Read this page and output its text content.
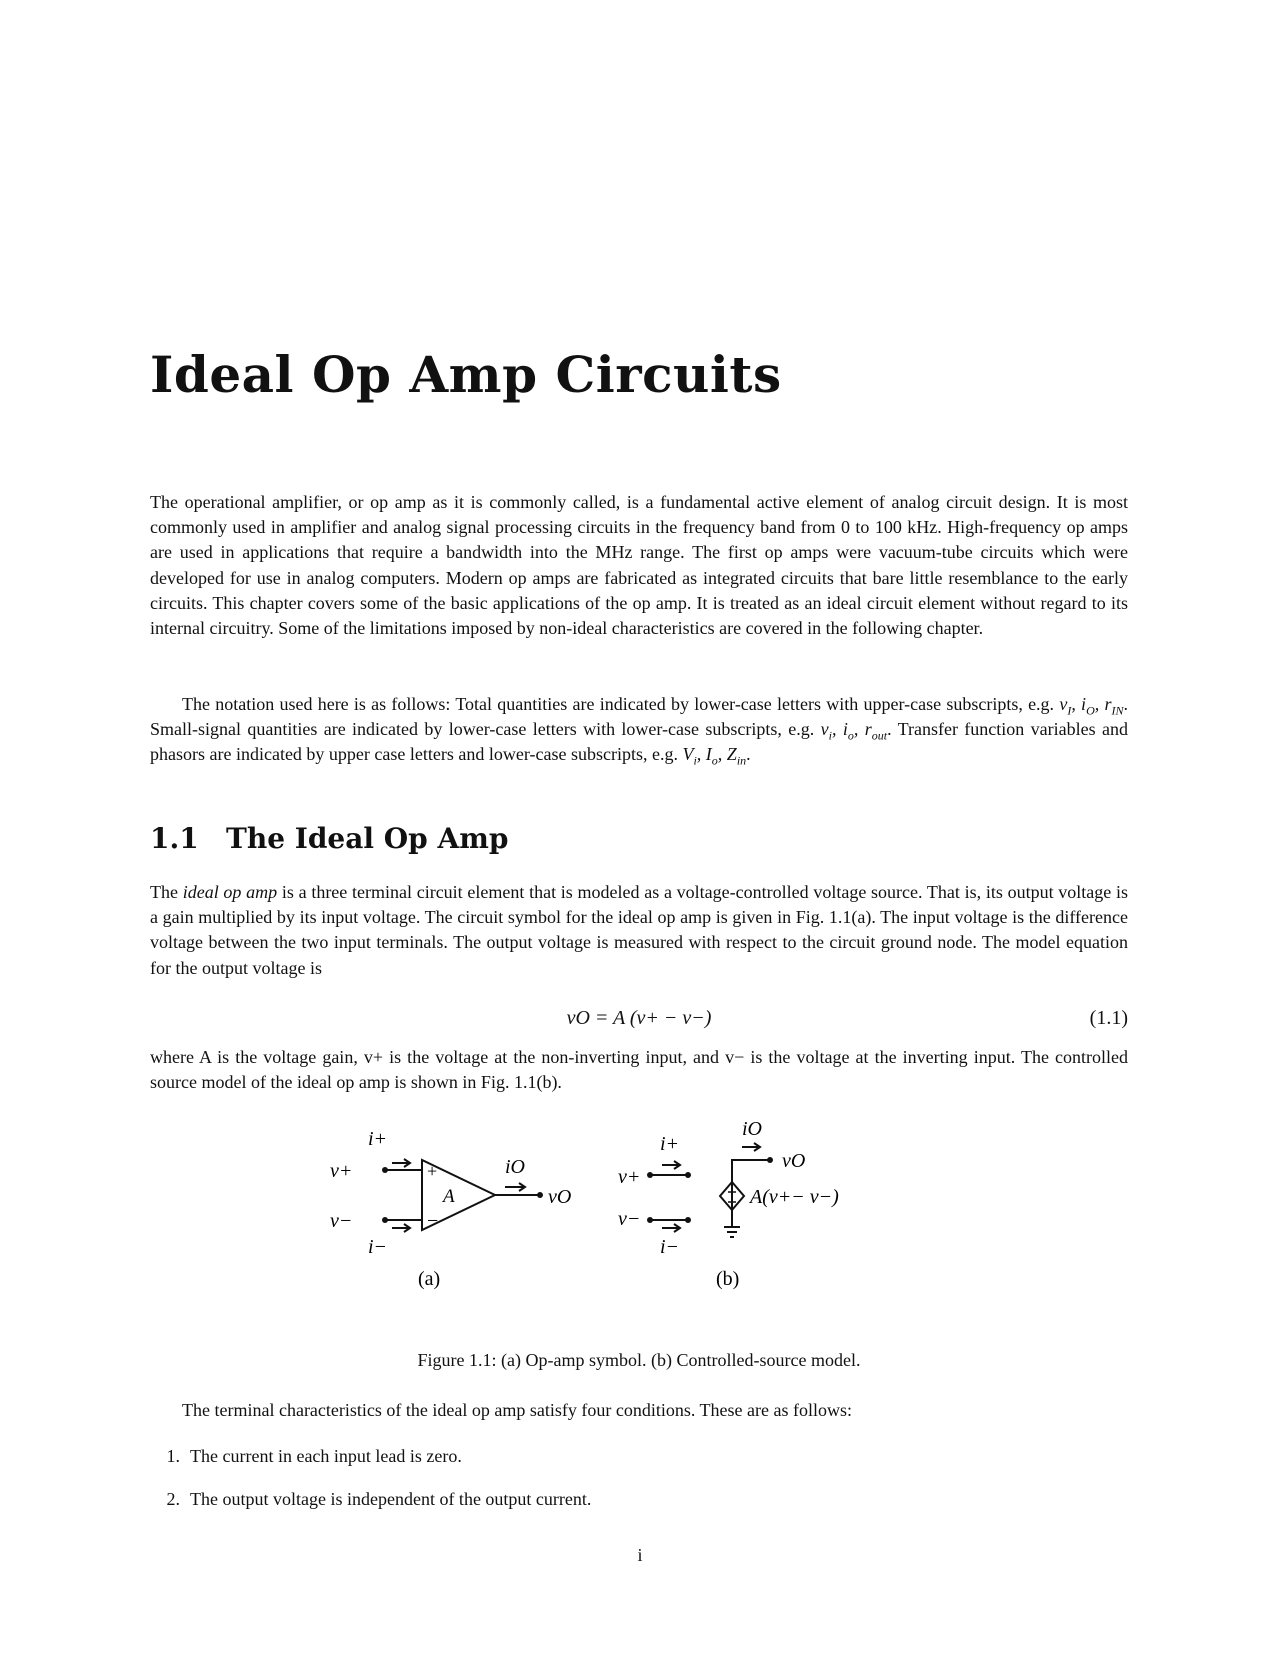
Ideal Op Amp Circuits

The operational amplifier, or op amp as it is commonly called, is a fundamental active element of analog circuit design. It is most commonly used in amplifier and analog signal processing circuits in the frequency band from 0 to 100 kHz. High-frequency op amps are used in applications that require a bandwidth into the MHz range. The first op amps were vacuum-tube circuits which were developed for use in analog computers. Modern op amps are fabricated as integrated circuits that bare little resemblance to the early circuits. This chapter covers some of the basic applications of the op amp. It is treated as an ideal circuit element without regard to its internal circuitry. Some of the limitations imposed by non-ideal characteristics are covered in the following chapter.

The notation used here is as follows: Total quantities are indicated by lower-case letters with upper-case subscripts, e.g. $v_I$, $i_O$, $r_{IN}$. Small-signal quantities are indicated by lower-case letters with lower-case subscripts, e.g. $v_i$, $i_o$, $r_{out}$. Transfer function variables and phasors are indicated by upper case letters and lower-case subscripts, e.g. $V_i$, $I_o$, $Z_{in}$.

1.1 The Ideal Op Amp

The ideal op amp is a three terminal circuit element that is modeled as a voltage-controlled voltage source. That is, its output voltage is a gain multiplied by its input voltage. The circuit symbol for the ideal op amp is given in Fig. 1.1(a). The input voltage is the difference voltage between the two input terminals. The output voltage is measured with respect to the circuit ground node. The model equation for the output voltage is

vO = A (v+ − v−)	(1.1)

where A is the voltage gain, v+ is the voltage at the non-inverting input, and v− is the voltage at the inverting input. The controlled source model of the ideal op amp is shown in Fig. 1.1(b).

i+
v+
v−
i−
+
−
A
iO
vO
(a)
i+
v+
v−
i−
iO
vO
A(v+− v−)
(b)

Figure 1.1: (a) Op-amp symbol. (b) Controlled-source model.

The terminal characteristics of the ideal op amp satisfy four conditions. These are as follows:

1. The current in each input lead is zero.

2. The output voltage is independent of the output current.

i
